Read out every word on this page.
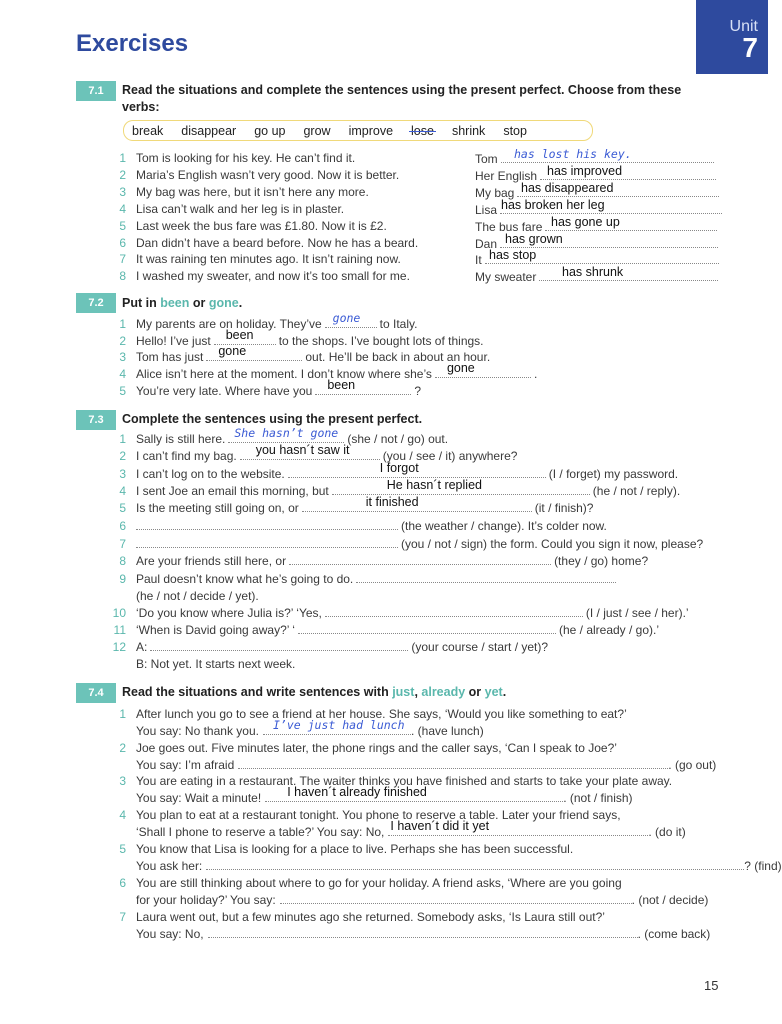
Exercises
Unit
7
7.1	Read the situations and complete the sentences using the present perfect. Choose from these
verbs:
break disappear go up grow improve lose shrink stop
1 Tom is looking for his key. He can’t find it.	Tom	has lost his key.
2 Maria’s English wasn’t very good. Now it is better.	Her English has improved
3 My bag was here, but it isn’t here any more.	My bag has disappeared
4 Lisa can’t walk and her leg is in plaster.	Lisa has broken her leg
5 Last week the bus fare was £1.80. Now it is £2.	The bus fare has gone up
6 Dan didn’t have a beard before. Now he has a beard.	Dan has grown
7 It was raining ten minutes ago. It isn’t raining now.	It has stop
8 I washed my sweater, and now it’s too small for me.	My sweater	has shrunk
7.2	Put in been or gone.
1 My parents are on holiday. They’ve gone to Italy.
2 Hello! I’ve just been to the shops. I’ve bought lots of things.
3 Tom has just gone	out. He’ll be back in about an hour.
4 Alice isn’t here at the moment. I don’t know where she’s gone	.
5 You’re very late. Where have you been	?
7.3	Complete the sentences using the present perfect.
1 Sally is still here. She hasn’t gone (she / not / go) out.
2 I can’t find my bag. you hasn´t saw it	(you / see / it) anywhere?
3 I can’t log on to the website.	I forgot	(I / forget) my password.
4 I sent Joe an email this morning, but	He hasn´t replied	(he / not / reply).
5 Is the meeting still going on, or	it finished	(it / finish)?
6	(the weather / change). It’s colder now.
7	(you / not / sign) the form. Could you sign it now, please?
8 Are your friends still here, or	(they / go) home?
9 Paul doesn’t know what he’s going to do.
(he / not / decide / yet).
10 ‘Do you know where Julia is?’ ‘Yes,	(I / just / see / her).’
11 ‘When is David going away?’ ‘	(he / already / go).’
12 A:	(your course / start / yet)?
B: Not yet. It starts next week.
7.4	Read the situations and write sentences with just, already or yet.
1 After lunch you go to see a friend at her house. She says, ‘Would you like something to eat?’
You say: No thank you. I’ve just had lunch . (have lunch)
2 Joe goes out. Five minutes later, the phone rings and the caller says, ‘Can I speak to Joe?’
You say: I’m afraid	. (go out)
3 You are eating in a restaurant. The waiter thinks you have finished and starts to take your plate away.
You say: Wait a minute! I haven´t already finished	. (not / finish)
4 You plan to eat at a restaurant tonight. You phone to reserve a table. Later your friend says,
‘Shall I phone to reserve a table?’ You say: No, I haven´t did it yet	. (do it)
5 You know that Lisa is looking for a place to live. Perhaps she has been successful.
You ask her:	? (find)
6 You are still thinking about where to go for your holiday. A friend asks, ‘Where are you going
for your holiday?’ You say:	. (not / decide)
7 Laura went out, but a few minutes ago she returned. Somebody asks, ‘Is Laura still out?’
You say: No,	. (come back)
15
